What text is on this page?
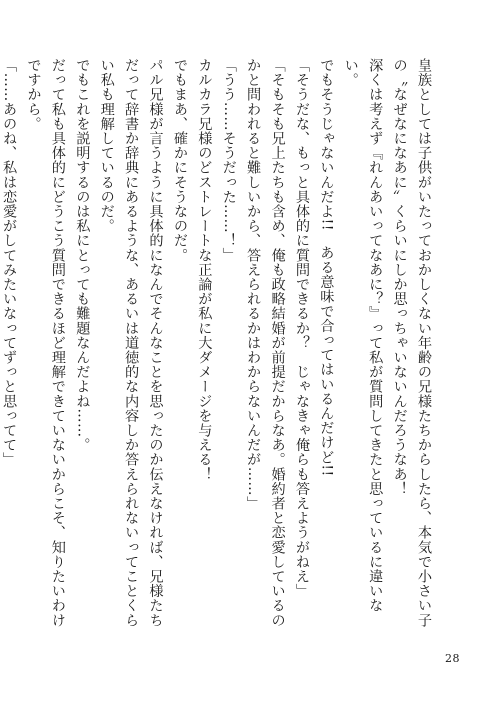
皇族としては子供がいたっておかしくない年齢の兄様たちからしたら、本気で小さい子の〝なぜなになあに〟くらいにしか思っちゃいないんだろうなあ！

深くは考えず『れんあいってなあに？』って私が質問してきたと思っているに違いない。

でもそうじゃないんだよ!!　ある意味で合ってはいるんだけど!!

「そうだな、もっと具体的に質問できるか？　じゃなきゃ俺らも答えようがねえ」

「そもそも兄上たちも含め、俺も政略結婚が前提だからなあ。婚約者と恋愛しているのかと問われると難しいから、答えられるかはわからないんだが……」

「うう……そうだった……！」

カルカラ兄様のどストレートな正論が私に大ダメージを与える！

でもまあ、確かにそうなのだ。

パル兄様が言うように具体的になんでそんなことを思ったのか伝えなければ、兄様たちだって辞書か辞典にあるような、あるいは道徳的な内容しか答えられないってことくらい私も理解しているのだ。

でもこれを説明するのは私にとっても難題なんだよね……。

だって私も具体的にどうこう質問できるほど理解できていないからこそ、知りたいわけですから。

「……あのね、私は恋愛がしてみたいなってずっと思ってて」

28
